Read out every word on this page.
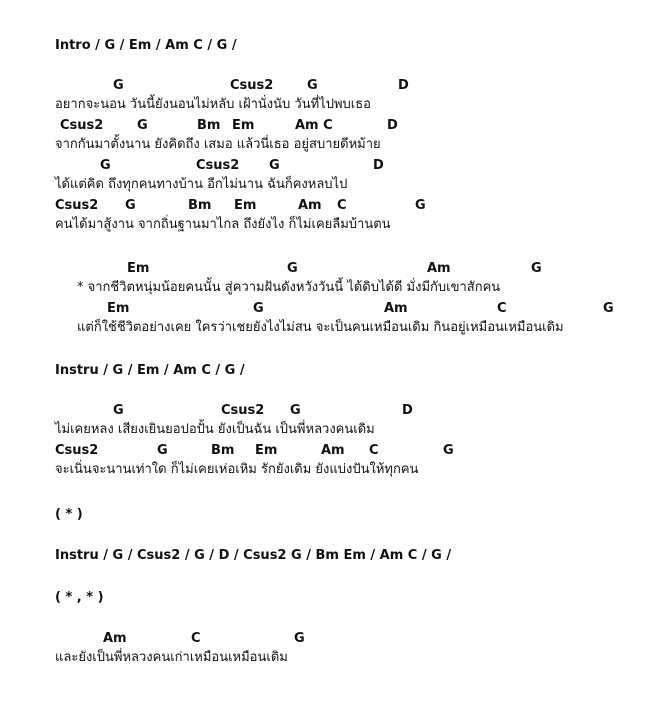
Intro / G / Em / Am C / G /
G	Csus2	G	D
อยากจะนอน วันนี้ยังนอนไม่หลับ เฝ้านั่งนับ วันที่ไปพบเธอ
Csus2	G	Bm Em	Am C	D
จากกันมาตั้งนาน ยังคิดถึง เสมอ แล้วนี่เธอ อยู่สบายดีหม้าย
G	Csus2 G	D
ได้แต่คิด ถึงทุกคนทางบ้าน อีกไม่นาน ฉันก็คงหลบไป
Csus2 G	Bm Em	Am C	G
คนได้มาสู้งาน จากถิ่นฐานมาไกล ถึงยังไง ก็ไม่เคยลืมบ้านตน
Em	G	Am	G
* จากชีวิตหนุ่มน้อยคนนั้น สู่ความฝันดังหวังวันนี้ ได้ดิบได้ดี มั่งมีกับเขาสักคน
Em	G	Am	C	G
แต่ก็ใช้ชีวิตอย่างเคย ใครว่าเชยยังไงไม่สน จะเป็นคนเหมือนเดิม กินอยู่เหมือนเหมือนเดิม
Instru / G / Em / Am C / G /
G	Csus2 G	D
ไม่เคยหลง เสียงเยินยอปอปั้น ยังเป็นฉัน เป็นพี่หลวงคนเดิม
Csus2	G	Bm Em	Am C	G
จะเนิ่นจะนานเท่าใด ก็ไม่เคยเห่อเหิม รักยังเดิม ยังแบ่งปันให้ทุกคน
( * )
Instru / G / Csus2 / G / D / Csus2 G / Bm Em / Am C / G /
( * , * )
Am	C	G
และยังเป็นพี่หลวงคนเก่าเหมือนเหมือนเดิม
